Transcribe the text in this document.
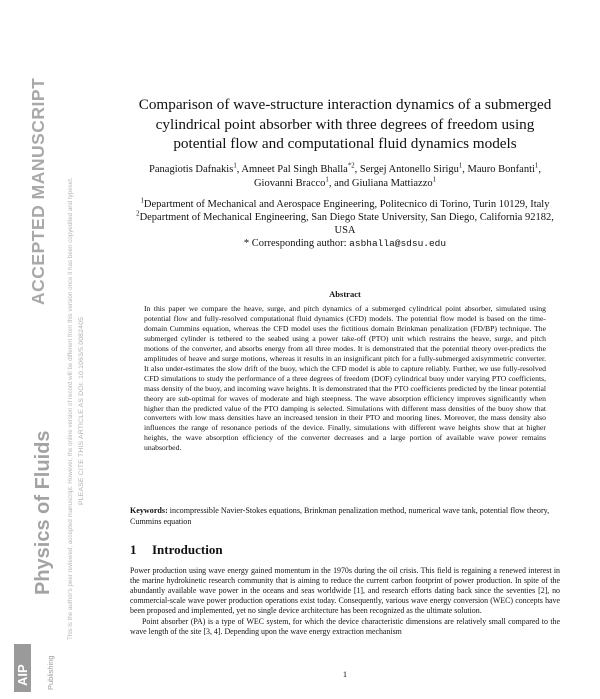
ACCEPTED MANUSCRIPT
Physics of Fluids This is the author's peer reviewed, accepted manuscript. However, the online version of record will be different from this version once it has been copyedited and typeset. PLEASE CITE THIS ARTICLE AS DOI: 10.1063/5.0082405
AIP Publishing
Comparison of wave-structure interaction dynamics of a submerged cylindrical point absorber with three degrees of freedom using potential flow and computational fluid dynamics models
Panagiotis Dafnakis$^1$, Amneet Pal Singh Bhalla$^{*2}$, Sergej Antonello Sirigu$^1$, Mauro Bonfanti$^1$, Giovanni Bracco$^1$, and Giuliana Mattiazzo$^1$
$^1$Department of Mechanical and Aerospace Engineering, Politecnico di Torino, Turin 10129, Italy
$^2$Department of Mechanical Engineering, San Diego State University, San Diego, California 92182, USA
* Corresponding author: asbhalla@sdsu.edu
Abstract
In this paper we compare the heave, surge, and pitch dynamics of a submerged cylindrical point absorber, simulated using potential flow and fully-resolved computational fluid dynamics (CFD) models. The potential flow model is based on the time-domain Cummins equation, whereas the CFD model uses the fictitious domain Brinkman penalization (FD/BP) technique. The submerged cylinder is tethered to the seabed using a power take-off (PTO) unit which restrains the heave, surge, and pitch motions of the converter, and absorbs energy from all three modes. It is demonstrated that the potential theory over-predicts the amplitudes of heave and surge motions, whereas it results in an insignificant pitch for a fully-submerged axisymmetric converter. It also under-estimates the slow drift of the buoy, which the CFD model is able to capture reliably. Further, we use fully-resolved CFD simulations to study the performance of a three degrees of freedom (DOF) cylindrical buoy under varying PTO coefficients, mass density of the buoy, and incoming wave heights. It is demonstrated that the PTO coefficients predicted by the linear potential theory are sub-optimal for waves of moderate and high steepness. The wave absorption efficiency improves significantly when higher than the predicted value of the PTO damping is selected. Simulations with different mass densities of the buoy show that converters with low mass densities have an increased tension in their PTO and mooring lines. Moreover, the mass density also influences the range of resonance periods of the device. Finally, simulations with different wave heights show that at higher heights, the wave absorption efficiency of the converter decreases and a large portion of available wave power remains unabsorbed.
Keywords: incompressible Navier-Stokes equations, Brinkman penalization method, numerical wave tank, potential flow theory, Cummins equation
1 Introduction

Power production using wave energy gained momentum in the 1970s during the oil crisis. This field is regaining a renewed interest in the marine hydrokinetic research community that is aiming to reduce the current carbon footprint of power production. In spite of the abundantly available wave power in the oceans and seas worldwide [1], and research efforts dating back since the seventies [2], no commercial-scale wave power production operations exist today. Consequently, various wave energy conversion (WEC) concepts have been proposed and implemented, yet no single device architecture has been recognized as the ultimate solution.

Point absorber (PA) is a type of WEC system, for which the device characteristic dimensions are relatively small compared to the wave length of the site [3, 4]. Depending upon the wave energy extraction mechanism

1
